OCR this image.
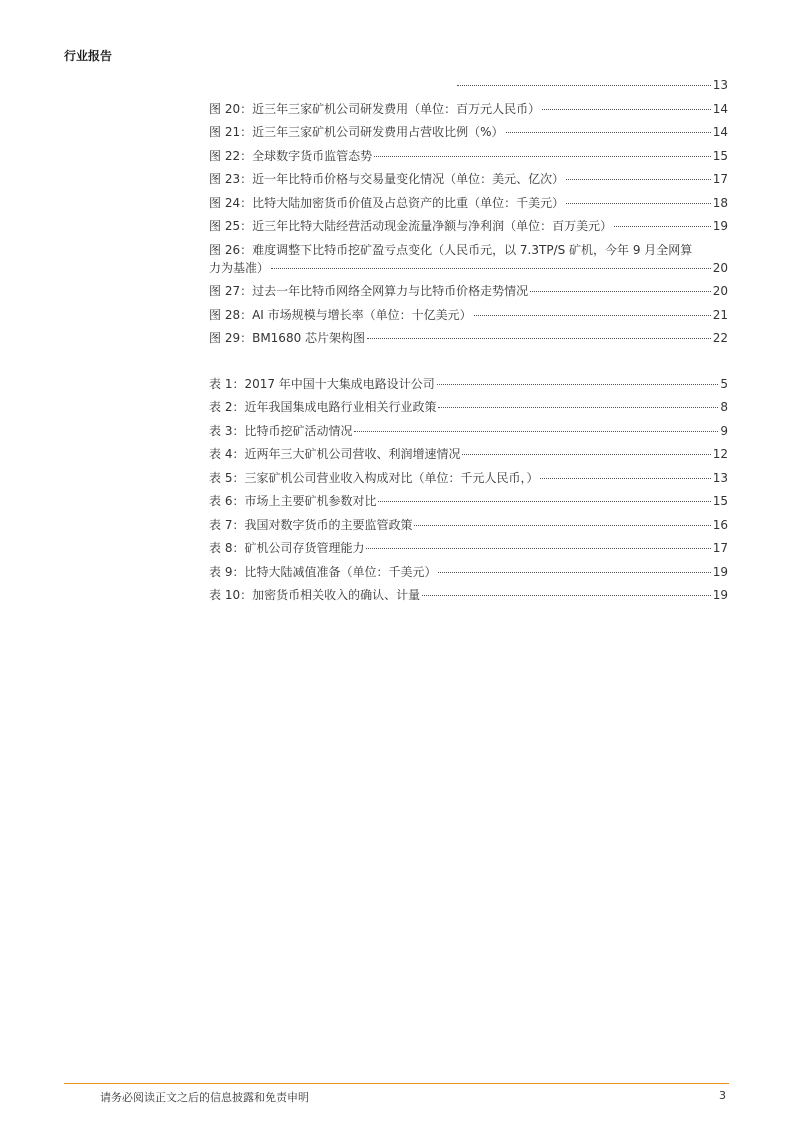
行业报告
13
图 20：近三年三家矿机公司研发费用（单位：百万元人民币）	14
图 21：近三年三家矿机公司研发费用占营收比例（%）	14
图 22：全球数字货币监管态势	15
图 23：近一年比特币价格与交易量变化情况（单位：美元、亿次）	17
图 24：比特大陆加密货币价值及占总资产的比重（单位：千美元）	18
图 25：近三年比特大陆经营活动现金流量净额与净利润（单位：百万美元）	19
图 26：难度调整下比特币挖矿盈亏点变化（人民币元，以 7.3TP/S 矿机，今年 9 月全网算
力为基准）	20
图 27：过去一年比特币网络全网算力与比特币价格走势情况	20
图 28：AI 市场规模与增长率（单位：十亿美元）	21
图 29：BM1680 芯片架构图	22
表 1：2017 年中国十大集成电路设计公司	5
表 2：近年我国集成电路行业相关行业政策	8
表 3：比特币挖矿活动情况	9
表 4：近两年三大矿机公司营收、利润增速情况	12
表 5：三家矿机公司营业收入构成对比（单位：千元人民币，）	13
表 6：市场上主要矿机参数对比	15
表 7：我国对数字货币的主要监管政策	16
表 8：矿机公司存货管理能力	17
表 9：比特大陆减值准备（单位：千美元）	19
表 10：加密货币相关收入的确认、计量	19
请务必阅读正文之后的信息披露和免责申明	3
